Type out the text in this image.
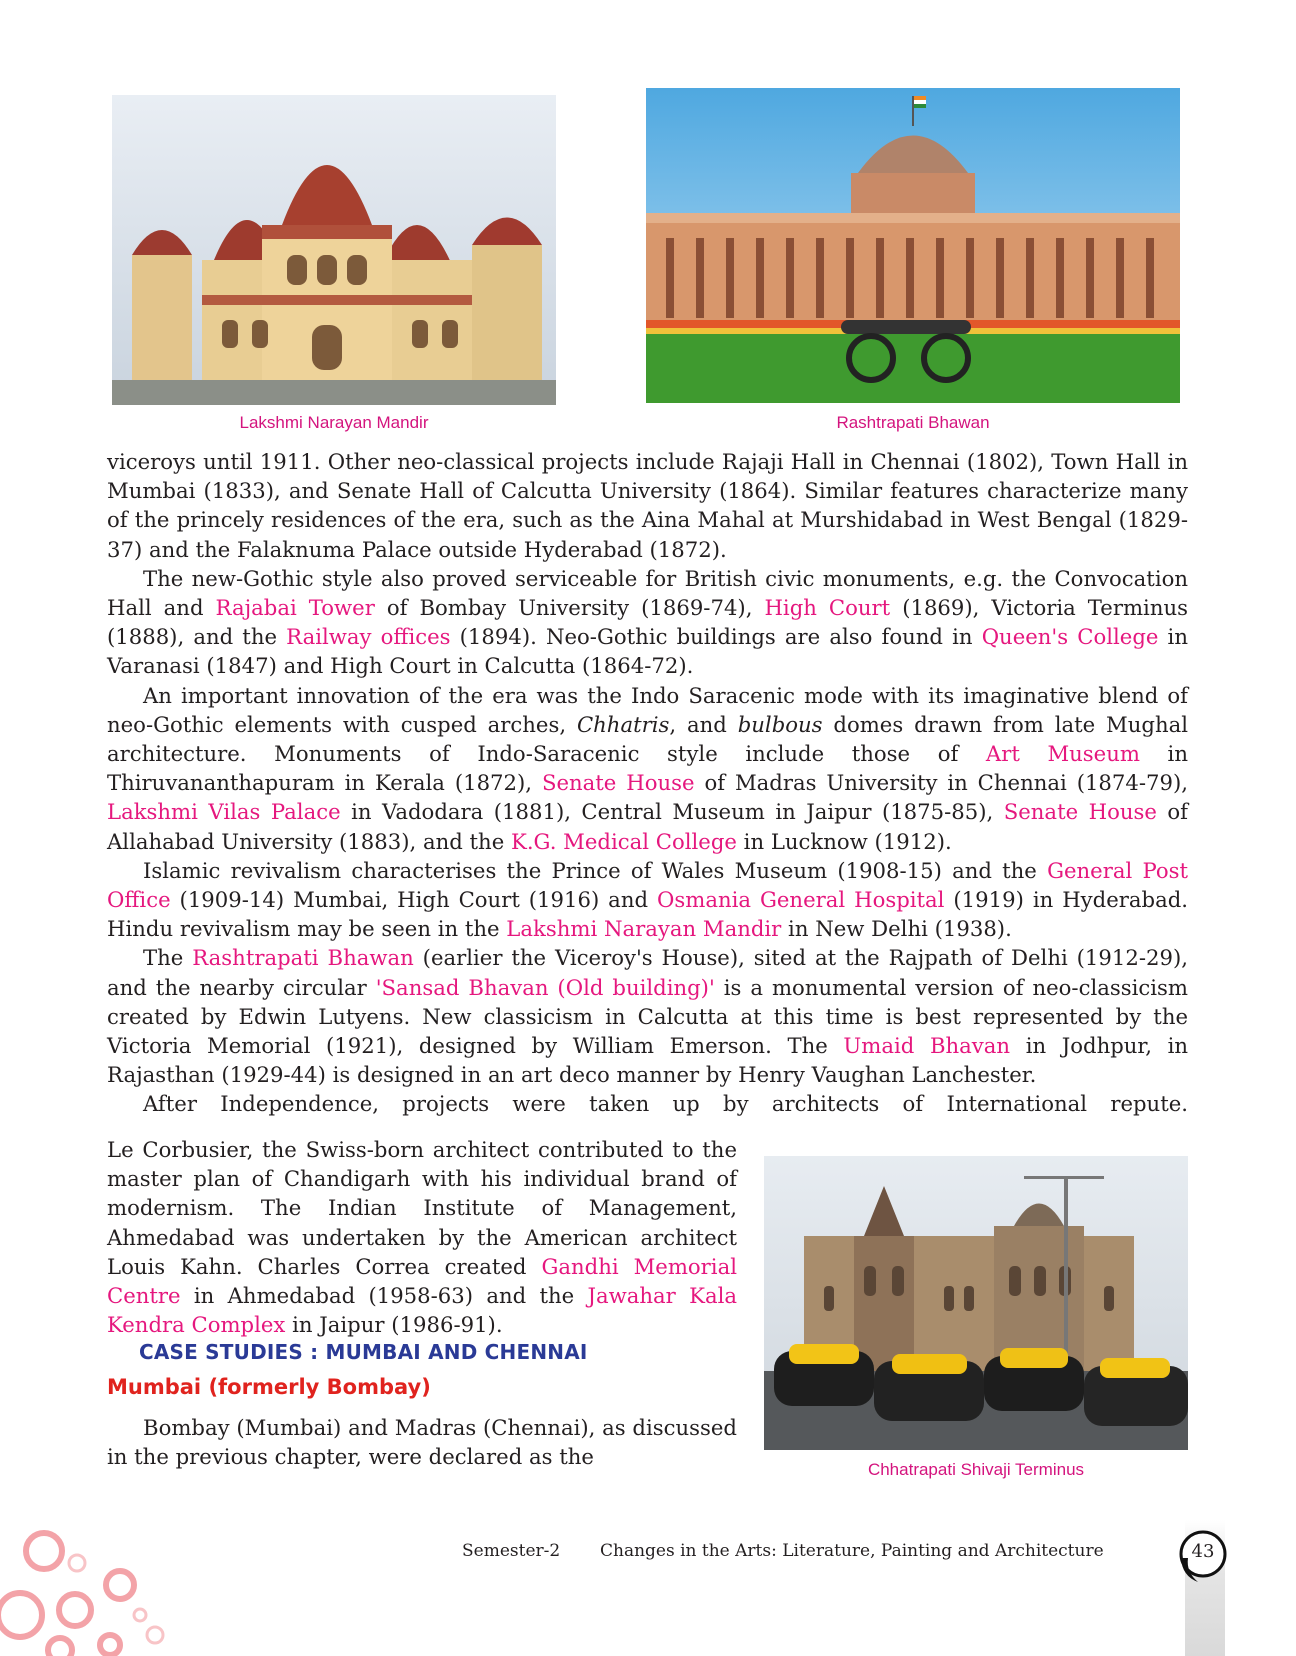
Lakshmi Narayan Mandir	Rashtrapati Bhawan

viceroys until 1911. Other neo-classical projects include Rajaji Hall in Chennai (1802), Town Hall in Mumbai (1833), and Senate Hall of Calcutta University (1864). Similar features characterize many of the princely residences of the era, such as the Aina Mahal at Murshidabad in West Bengal (1829-37) and the Falaknuma Palace outside Hyderabad (1872).

The new-Gothic style also proved serviceable for British civic monuments, e.g. the Convocation Hall and Rajabai Tower of Bombay University (1869-74), High Court (1869), Victoria Terminus (1888), and the Railway offices (1894). Neo-Gothic buildings are also found in Queen's College in Varanasi (1847) and High Court in Calcutta (1864-72).

An important innovation of the era was the Indo Saracenic mode with its imaginative blend of neo-Gothic elements with cusped arches, Chhatris, and bulbous domes drawn from late Mughal architecture. Monuments of Indo-Saracenic style include those of Art Museum in Thiruvananthapuram in Kerala (1872), Senate House of Madras University in Chennai (1874-79), Lakshmi Vilas Palace in Vadodara (1881), Central Museum in Jaipur (1875-85), Senate House of Allahabad University (1883), and the K.G. Medical College in Lucknow (1912).

Islamic revivalism characterises the Prince of Wales Museum (1908-15) and the General Post Office (1909-14) Mumbai, High Court (1916) and Osmania General Hospital (1919) in Hyderabad. Hindu revivalism may be seen in the Lakshmi Narayan Mandir in New Delhi (1938).

The Rashtrapati Bhawan (earlier the Viceroy's House), sited at the Rajpath of Delhi (1912-29), and the nearby circular 'Sansad Bhavan (Old building)' is a monumental version of neo-classicism created by Edwin Lutyens. New classicism in Calcutta at this time is best represented by the Victoria Memorial (1921), designed by William Emerson. The Umaid Bhavan in Jodhpur, in Rajasthan (1929-44) is designed in an art deco manner by Henry Vaughan Lanchester.

After Independence, projects were taken up by architects of International repute.

Le Corbusier, the Swiss-born architect contributed to the master plan of Chandigarh with his individual brand of modernism. The Indian Institute of Management, Ahmedabad was undertaken by the American architect Louis Kahn. Charles Correa created Gandhi Memorial Centre in Ahmedabad (1958-63) and the Jawahar Kala Kendra Complex in Jaipur (1986-91).

CASE STUDIES : MUMBAI AND CHENNAI
Mumbai (formerly Bombay)

Bombay (Mumbai) and Madras (Chennai), as discussed in the previous chapter, were declared as the

Chhatrapati Shivaji Terminus
Semester-2 Changes in the Arts: Literature, Painting and Architecture	43
